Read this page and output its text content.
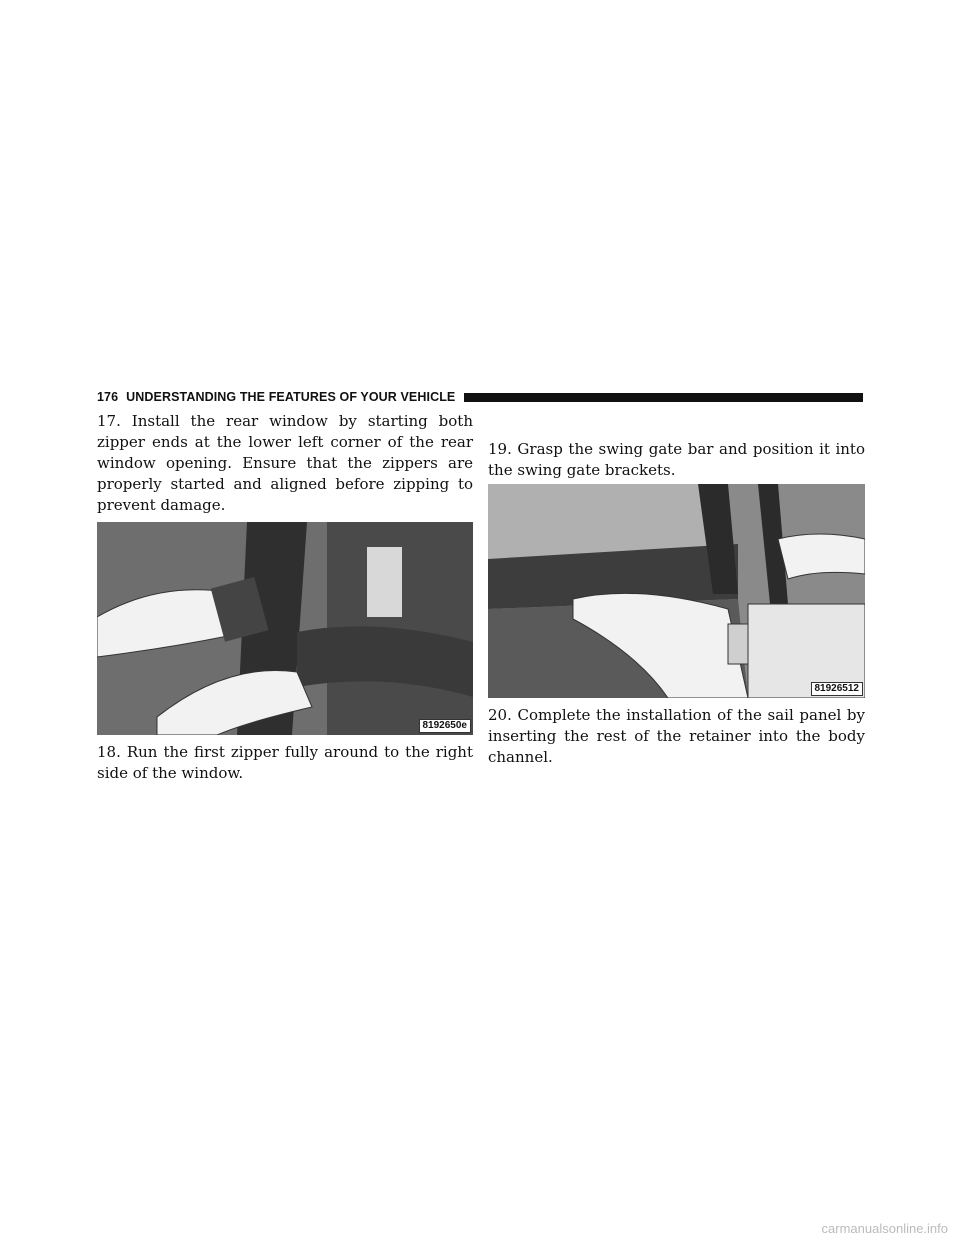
176 UNDERSTANDING THE FEATURES OF YOUR VEHICLE

17. Install the rear window by starting both zipper ends at the lower left corner of the rear window opening. Ensure that the zippers are properly started and aligned before zipping to prevent damage.

8192650e

18. Run the first zipper fully around to the right side of the window.

19. Grasp the swing gate bar and position it into the swing gate brackets.

81926512

20. Complete the installation of the sail panel by inserting the rest of the retainer into the body channel.

carmanualsonline.info
